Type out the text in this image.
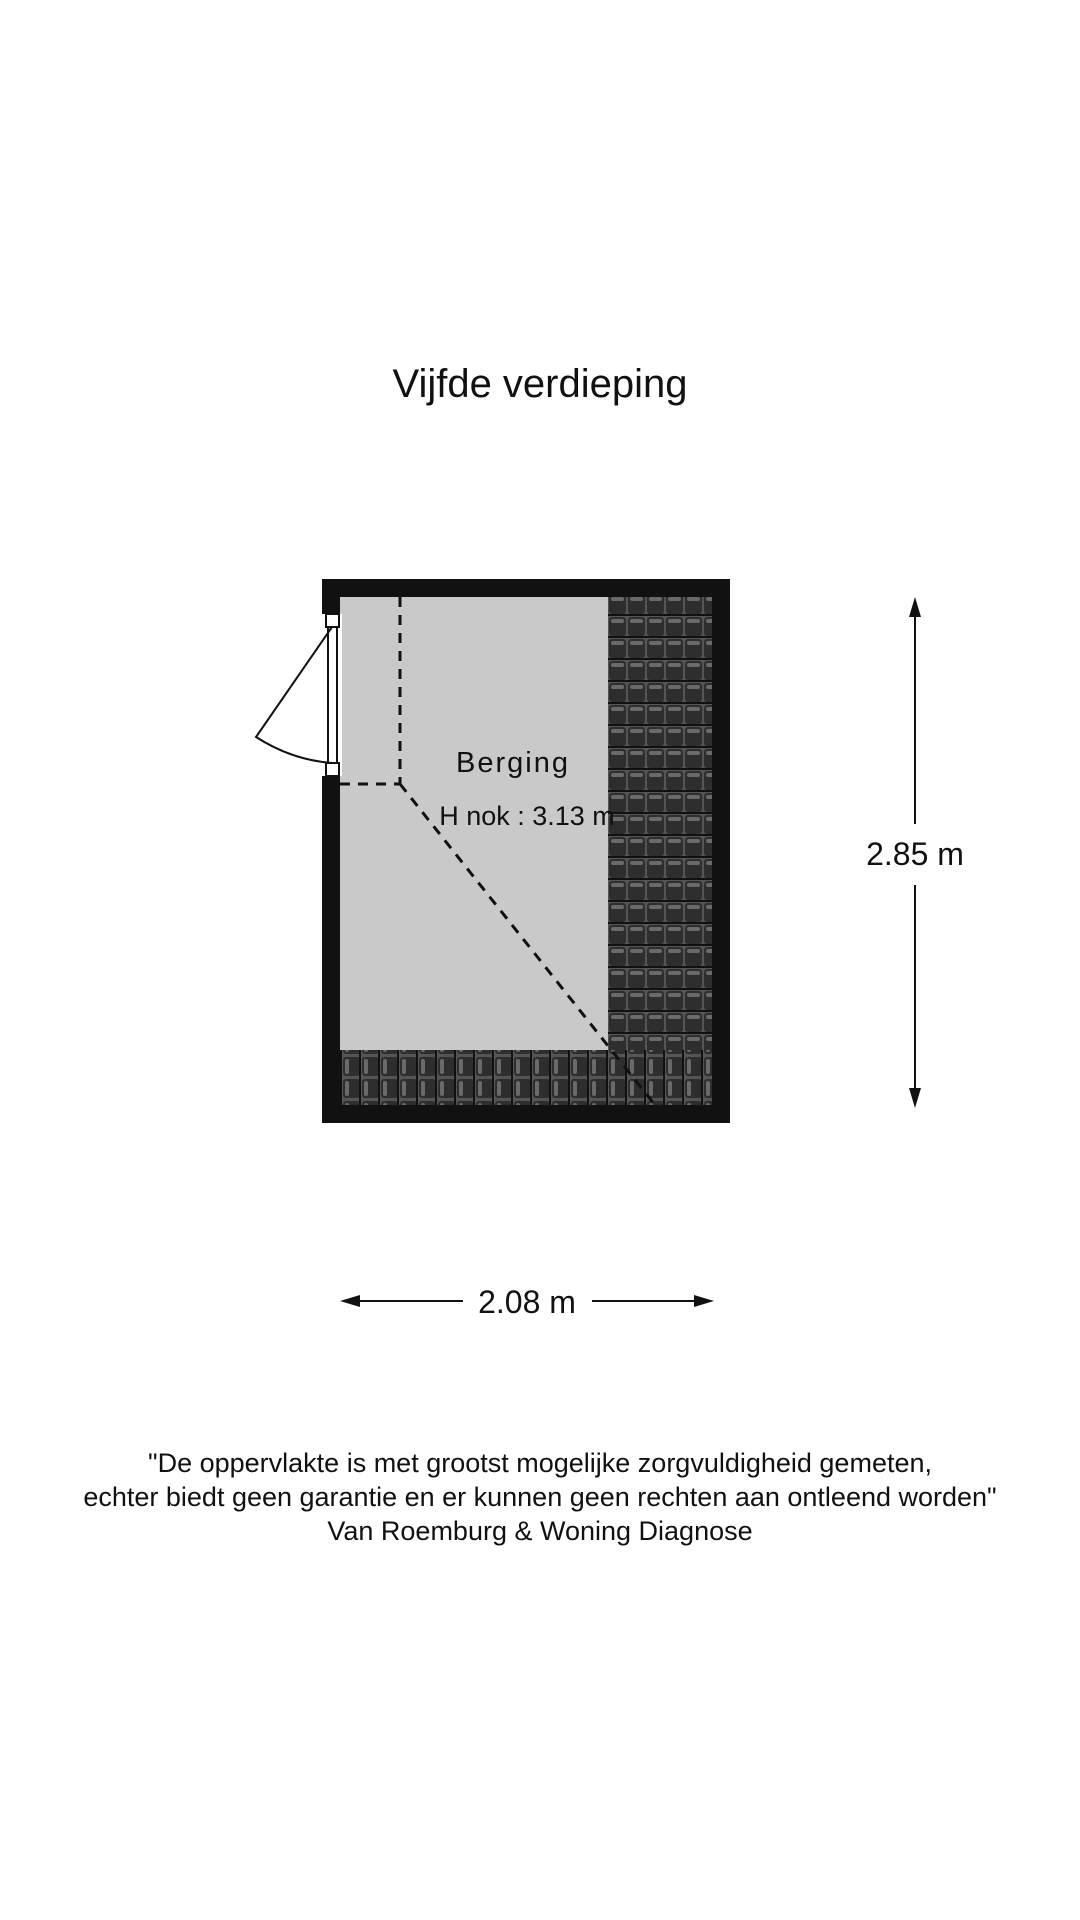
Vijfde verdieping
Berging
H nok : 3.13 m
2.85 m
2.08 m
"De oppervlakte is met grootst mogelijke zorgvuldigheid gemeten,
echter biedt geen garantie en er kunnen geen rechten aan ontleend worden"
Van Roemburg & Woning Diagnose
